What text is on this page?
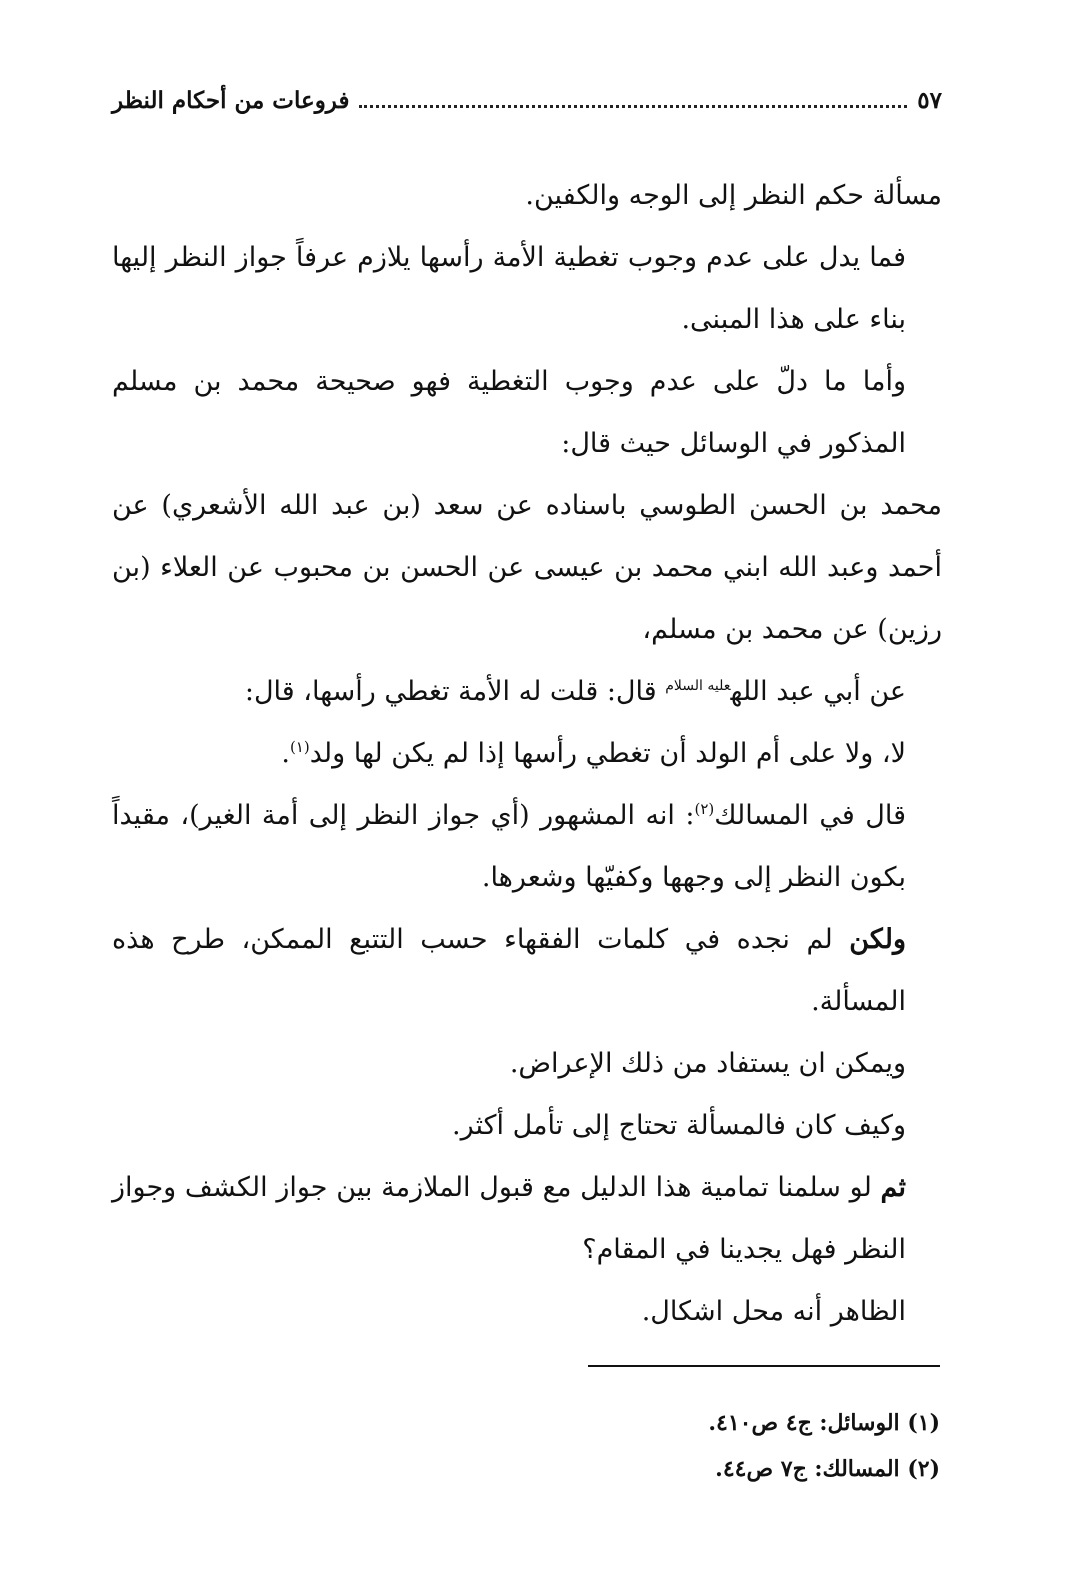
٥٧
فروعات من أحكام النظر

مسألة حكم النظر إلى الوجه والكفين.

فما يدل على عدم وجوب تغطية الأمة رأسها يلازم عرفاً جواز النظر إليها بناء على هذا المبنى.

وأما ما دلّ على عدم وجوب التغطية فهو صحيحة محمد بن مسلم المذكور في الوسائل حيث قال:

محمد بن الحسن الطوسي باسناده عن سعد (بن عبد الله الأشعري) عن أحمد وعبد الله ابني محمد بن عيسى عن الحسن بن محبوب عن العلاء (بن رزين) عن محمد بن مسلم،

عن أبي عبد الله$^{عليه السلام}$ قال: قلت له الأمة تغطي رأسها، قال:

لا، ولا على أم الولد أن تغطي رأسها إذا لم يكن لها ولد$^{(١)}$.

قال في المسالك$^{(٢)}$: انه المشهور (أي جواز النظر إلى أمة الغير)، مقيداً بكون النظر إلى وجهها وكفيّها وشعرها.

ولكن لم نجده في كلمات الفقهاء حسب التتبع الممكن، طرح هذه المسألة.

ويمكن ان يستفاد من ذلك الإعراض.

وكيف كان فالمسألة تحتاج إلى تأمل أكثر.

ثم لو سلمنا تمامية هذا الدليل مع قبول الملازمة بين جواز الكشف وجواز النظر فهل يجدينا في المقام؟

الظاهر أنه محل اشكال.

(١) الوسائل: ج٤ ص٤١٠.

(٢) المسالك: ج٧ ص٤٤.
